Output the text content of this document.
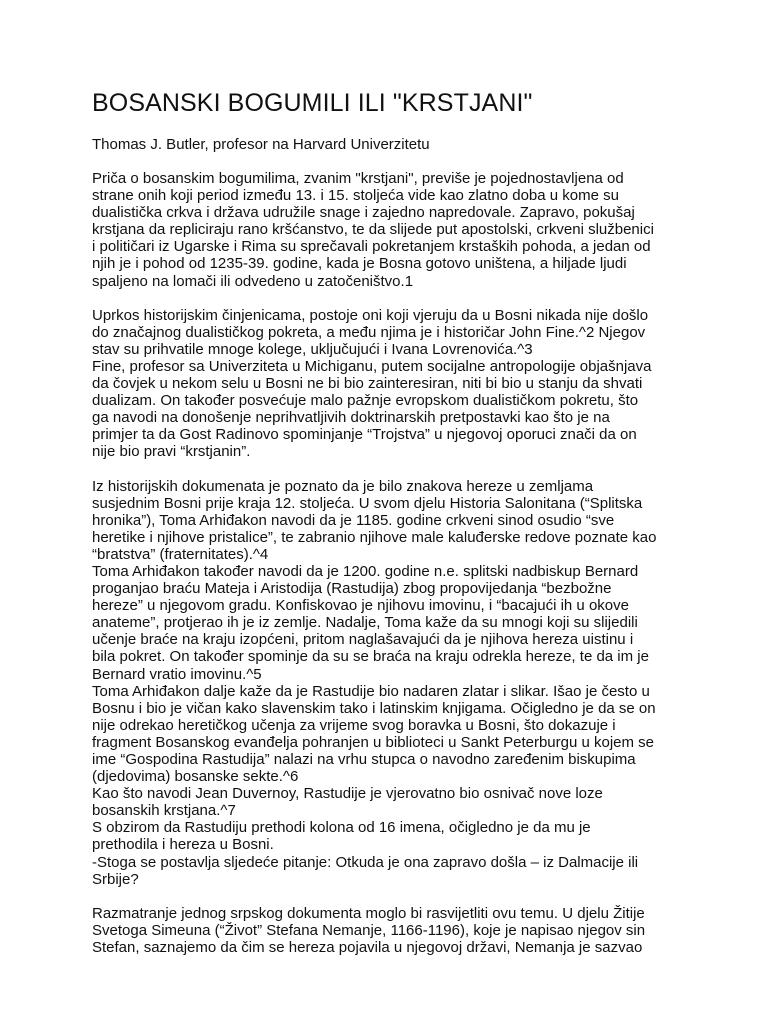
BOSANSKI BOGUMILI ILI "KRSTJANI"

Thomas J. Butler, profesor na Harvard Univerzitetu

Priča o bosanskim bogumilima, zvanim "krstjani", previše je pojednostavljena od
strane onih koji period između 13. i 15. stoljeća vide kao zlatno doba u kome su
dualistička crkva i država udružile snage i zajedno napredovale. Zapravo, pokušaj
krstjana da repliciraju rano kršćanstvo, te da slijede put apostolski, crkveni službenici
i političari iz Ugarske i Rima su sprečavali pokretanjem krstaških pohoda, a jedan od
njih je i pohod od 1235-39. godine, kada je Bosna gotovo uništena, a hiljade ljudi
spaljeno na lomači ili odvedeno u zatočeništvo.1

Uprkos historijskim činjenicama, postoje oni koji vjeruju da u Bosni nikada nije došlo
do značajnog dualističkog pokreta, a među njima je i historičar John Fine.^2 Njegov
stav su prihvatile mnoge kolege, uključujući i Ivana Lovrenovića.^3
Fine, profesor sa Univerziteta u Michiganu, putem socijalne antropologije objašnjava
da čovjek u nekom selu u Bosni ne bi bio zainteresiran, niti bi bio u stanju da shvati
dualizam. On također posvećuje malo pažnje evropskom dualističkom pokretu, što
ga navodi na donošenje neprihvatljivih doktrinarskih pretpostavki kao što je na
primjer ta da Gost Radinovo spominjanje “Trojstva” u njegovoj oporuci znači da on
nije bio pravi “krstjanin”.

Iz historijskih dokumenata je poznato da je bilo znakova hereze u zemljama
susjednim Bosni prije kraja 12. stoljeća. U svom djelu Historia Salonitana (“Splitska
hronika”), Toma Arhiđakon navodi da je 1185. godine crkveni sinod osudio “sve
heretike i njihove pristalice”, te zabranio njihove male kaluđerske redove poznate kao
“bratstva” (fraternitates).^4
Toma Arhiđakon također navodi da je 1200. godine n.e. splitski nadbiskup Bernard
proganjao braću Mateja i Aristodija (Rastudija) zbog propovijedanja “bezbožne
hereze” u njegovom gradu. Konfiskovao je njihovu imovinu, i “bacajući ih u okove
anateme”, protjerao ih je iz zemlje. Nadalje, Toma kaže da su mnogi koji su slijedili
učenje braće na kraju izopćeni, pritom naglašavajući da je njihova hereza uistinu i
bila pokret. On također spominje da su se braća na kraju odrekla hereze, te da im je
Bernard vratio imovinu.^5
Toma Arhiđakon dalje kaže da je Rastudije bio nadaren zlatar i slikar. Išao je često u
Bosnu i bio je vičan kako slavenskim tako i latinskim knjigama. Očigledno je da se on
nije odrekao heretičkog učenja za vrijeme svog boravka u Bosni, što dokazuje i
fragment Bosanskog evanđelja pohranjen u biblioteci u Sankt Peterburgu u kojem se
ime “Gospodina Rastudija” nalazi na vrhu stupca o navodno zaređenim biskupima
(djedovima) bosanske sekte.^6
Kao što navodi Jean Duvernoy, Rastudije je vjerovatno bio osnivač nove loze
bosanskih krstjana.^7
S obzirom da Rastudiju prethodi kolona od 16 imena, očigledno je da mu je
prethodila i hereza u Bosni.
-Stoga se postavlja sljedeće pitanje: Otkuda je ona zapravo došla – iz Dalmacije ili
Srbije?

Razmatranje jednog srpskog dokumenta moglo bi rasvijetliti ovu temu. U djelu Žitije
Svetoga Simeuna (“Život” Stefana Nemanje, 1166-1196), koje je napisao njegov sin
Stefan, saznajemo da čim se hereza pojavila u njegovoj državi, Nemanja je sazvao
